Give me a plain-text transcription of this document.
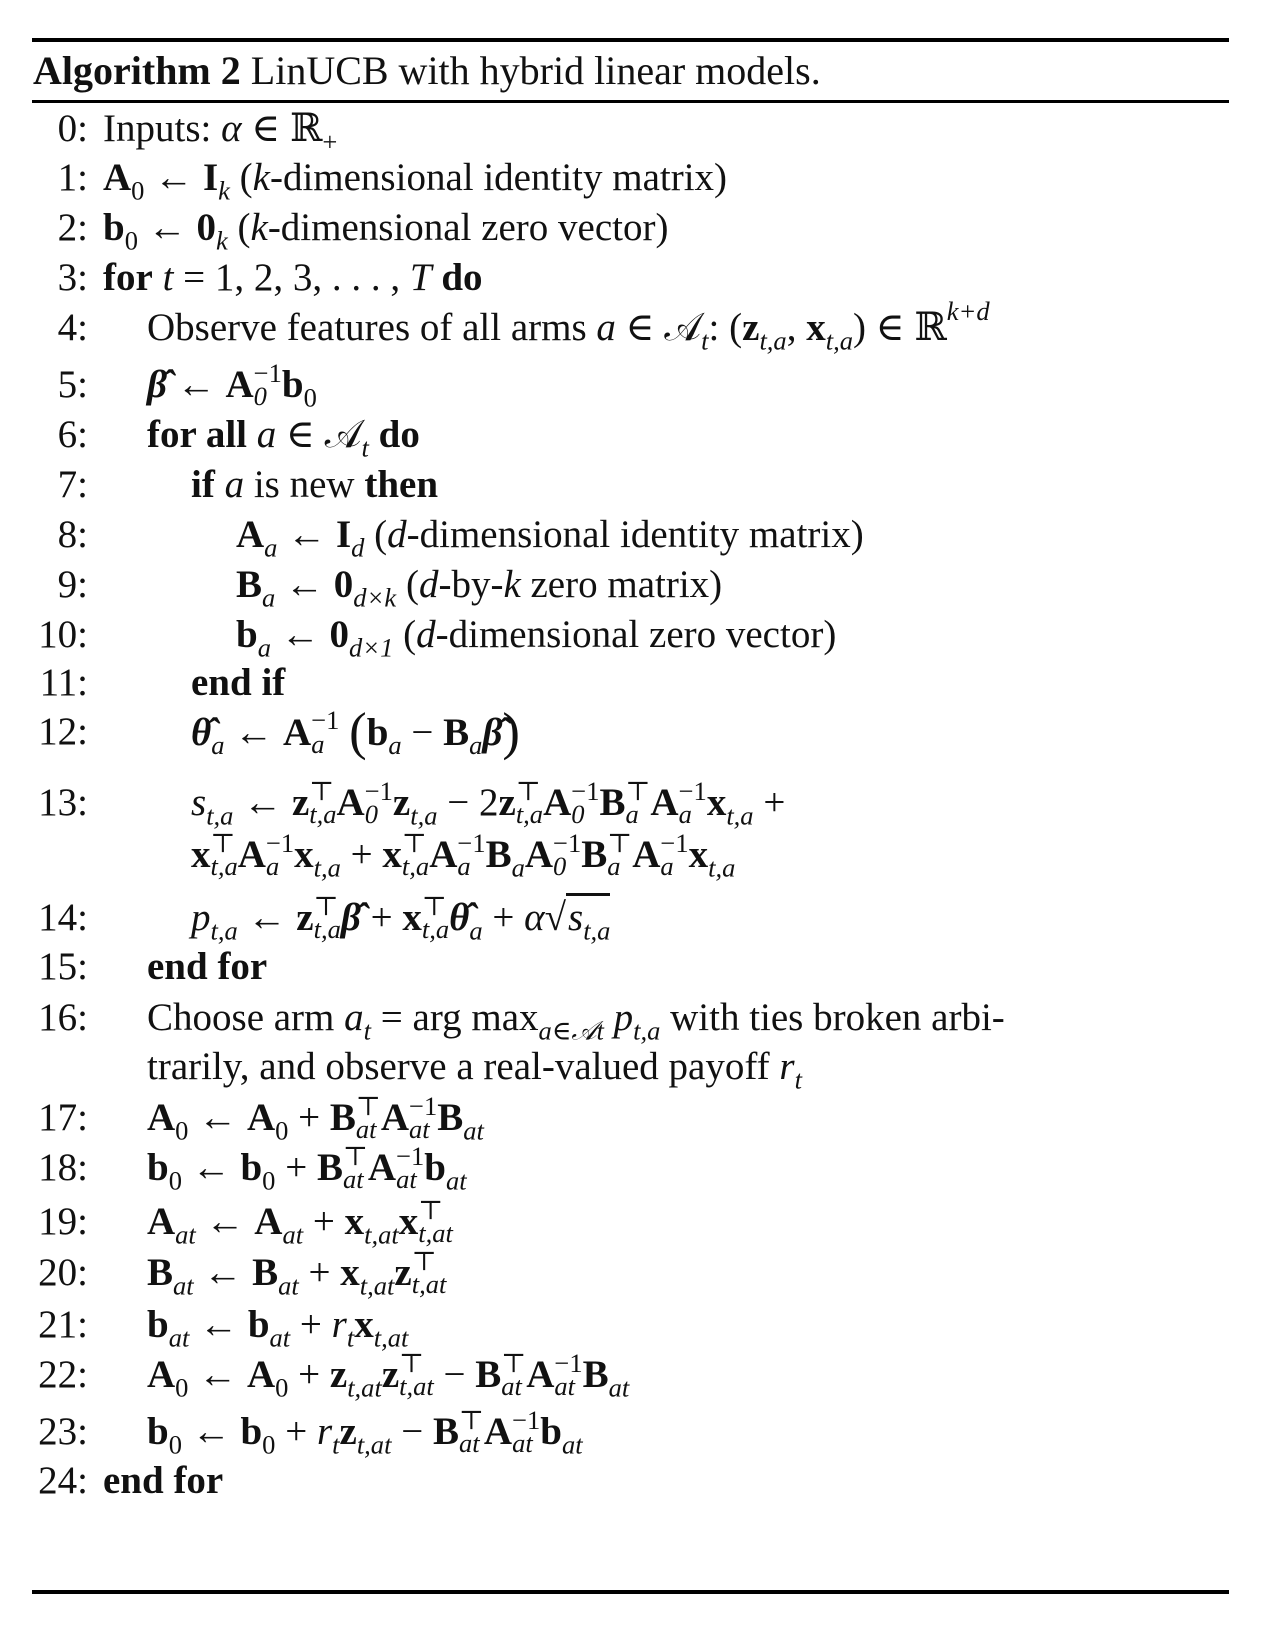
Algorithm 2 LinUCB with hybrid linear models.
0: Inputs: α ∈ ℝ$_+$
1: $A_0$ ← $I_k$ (k-dimensional identity matrix)
2: $b_0$ ← $0_k$ (k-dimensional zero vector)
3: for t = 1, 2, 3, . . . , T do
4: Observe features of all arms a ∈ 𝒜$_t$: ($z_{t,a}$, $x_{t,a}$) ∈ ℝ$^{k+d}$
5: β̂ ← A −1
0 $b_0$
6: for all a ∈ 𝒜$_t$ do
7:	if a is new then
8:	$A_a$ ← $I_d$ (d-dimensional identity matrix)
9:	$B_a$ ← $0_{d\times k}$ (d-by-k zero matrix)
10:	$b_a$ ← $0_{d\times 1}$ (d-dimensional zero vector)
11:	end if
12:	$\thetâ_a$ ← A −1
a ($b_a$ − $B_a\betâ$)
13:	$s_{t,a}$ ← z ⊤
t,a A −1
0 $z_{t,a} - 2z$ ⊤
t,a A −1
0 B ⊤
a A −1
a $x_{t,a}$ +
x ⊤
t,a A −1
a $x_{t,a} + x$ ⊤
t,a A −1
a $B_aA -1$
0 B ⊤
a A −1
a $x_{t,a}$
14:	$p_{t,a}$ ← z ⊤
t,a β̂ + x ⊤
t,a $\thetâ_a + \alpha√s_{t,a}$
15: end for
16: Choose arm $a_t$ = arg $\max_{a\in 𝒜t} p_{t,a}$ with ties broken arbi-
trarily, and observe a real-valued payoff $r_t$
17: $A_0$ ← $A_0 + B$ ⊤
at A −1
at $B_{at}$
18: $b_0$ ← $b_0 + B$ ⊤
at A −1
at $b_{at}$
19: $A_{at}$ ← $A_{at} + x_{t,at}x$ ⊤
t,at
20: $B_{at}$ ← $B_{at} + x_{t,at}z$ ⊤
t,at
21: $b_{at}$ ← $b_{at} + r_tx_{t,at}$
22: $A_0$ ← $A_0 + z_{t,at}z$ ⊤
t,at − B ⊤
at A −1
at $B_{at}$
23: $b_0$ ← $b_0 + r_tz_{t,at} - B$ ⊤
at A −1
at $b_{at}$
24: end for
